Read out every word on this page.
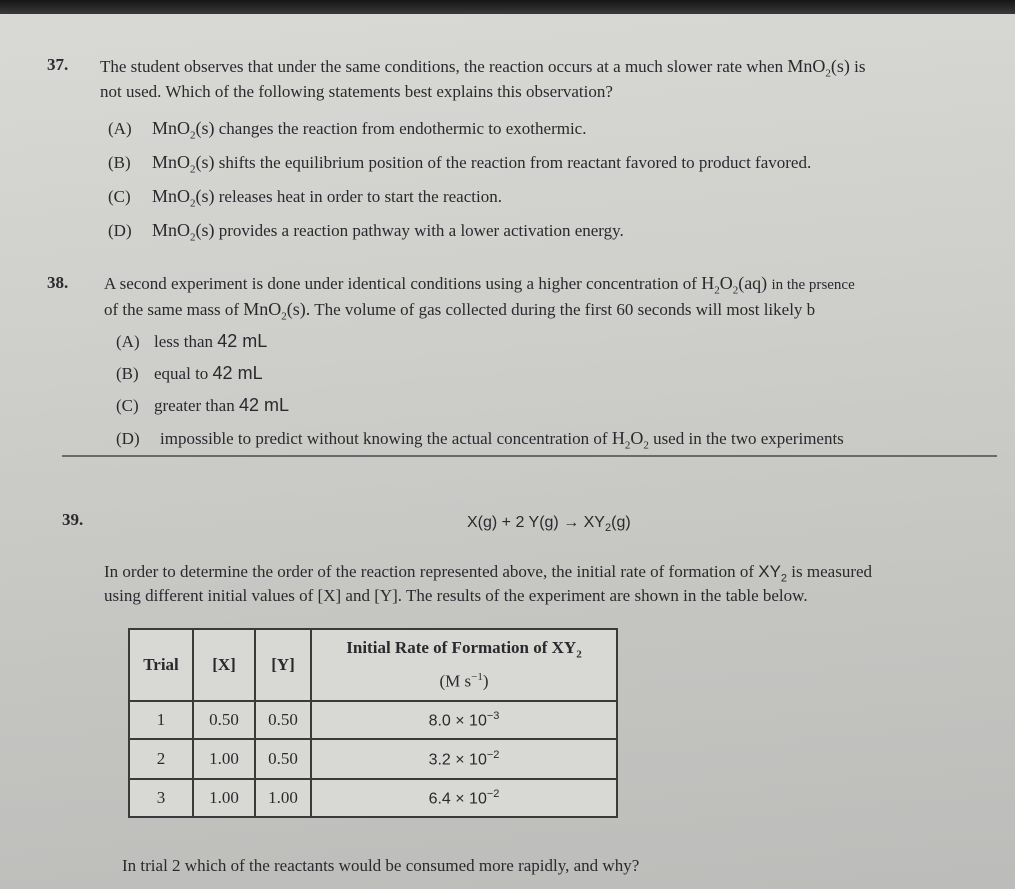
37. The student observes that under the same conditions, the reaction occurs at a much slower rate when MnO$_2$(s) is
not used. Which of the following statements best explains this observation?
(A) MnO$_2$(s) changes the reaction from endothermic to exothermic.
(B) MnO$_2$(s) shifts the equilibrium position of the reaction from reactant favored to product favored.
(C) MnO$_2$(s) releases heat in order to start the reaction.
(D) MnO$_2$(s) provides a reaction pathway with a lower activation energy.
38. A second experiment is done under identical conditions using a higher concentration of $H_2O_2(aq)$ in the prsence
of the same mass of MnO$_2$(s). The volume of gas collected during the first 60 seconds will most likely b
(A) less than 42 mL
(B) equal to 42 mL
(C) greater than 42 mL
(D) impossible to predict without knowing the actual concentration of $H_2O_2$ used in the two experiments
39.	X(g) + 2 $Y(g) \to XY_2(g)$
In order to determine the order of the reaction represented above, the initial rate of formation of $XY_2$ is measured
using different initial values of [X] and [Y]. The results of the experiment are shown in the table below.
Trial	[X]	[Y]	Initial Rate of Formation of $XY_2$
(M $s^{-1}$)

1	0.50	0.50	$8.0 \times 10^{-3}$
2	1.00	0.50	$3.2 \times 10^{-2}$
3	1.00	1.00	$6.4 \times 10^{-2}$
In trial 2 which of the reactants would be consumed more rapidly, and why?
